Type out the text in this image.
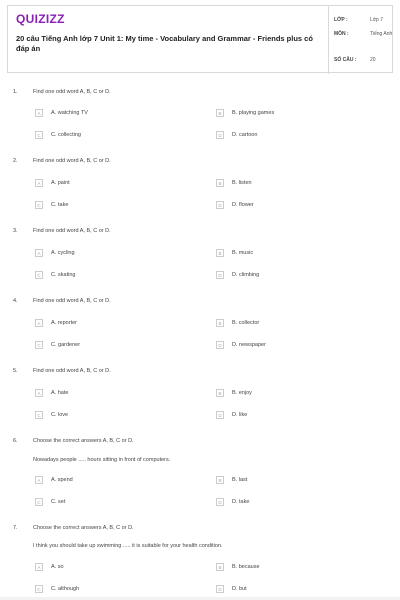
QUIZIZZ
20 câu Tiếng Anh lớp 7 Unit 1: My time - Vocabulary and Grammar - Friends plus có đáp án
LỚP :	Lớp 7
MÔN :	Tiếng Anh
SỐ CÂU :	20
1.	Find one odd word A, B, C or D.
A	A. watching TV	B	B. playing games
C	C. collecting	D	D. cartoon
2.	Find one odd word A, B, C or D.
A	A. paint	B	B. listen
C	C. take	D	D. flower
3.	Find one odd word A, B, C or D.
A	A. cycling	B	B. music
C	C. skating	D	D. climbing
4.	Find one odd word A, B, C or D.
A	A. reporter	B	B. collector
C	C. gardener	D	D. newspaper
5.	Find one odd word A, B, C or D.
A	A. hate	B	B. enjoy
C	C. love	D	D. like
6.	Choose the correct answers A, B, C or D.
Nowadays people ..... hours sitting in front of computers.
A	A. spend	B	B. last
C	C. set	D	D. take
7.	Choose the correct answers A, B, C or D.
I think you should take up swimming ..... it is suitable for your health condition.
A	A. so	B	B. because
C	C. although	D	D. but
